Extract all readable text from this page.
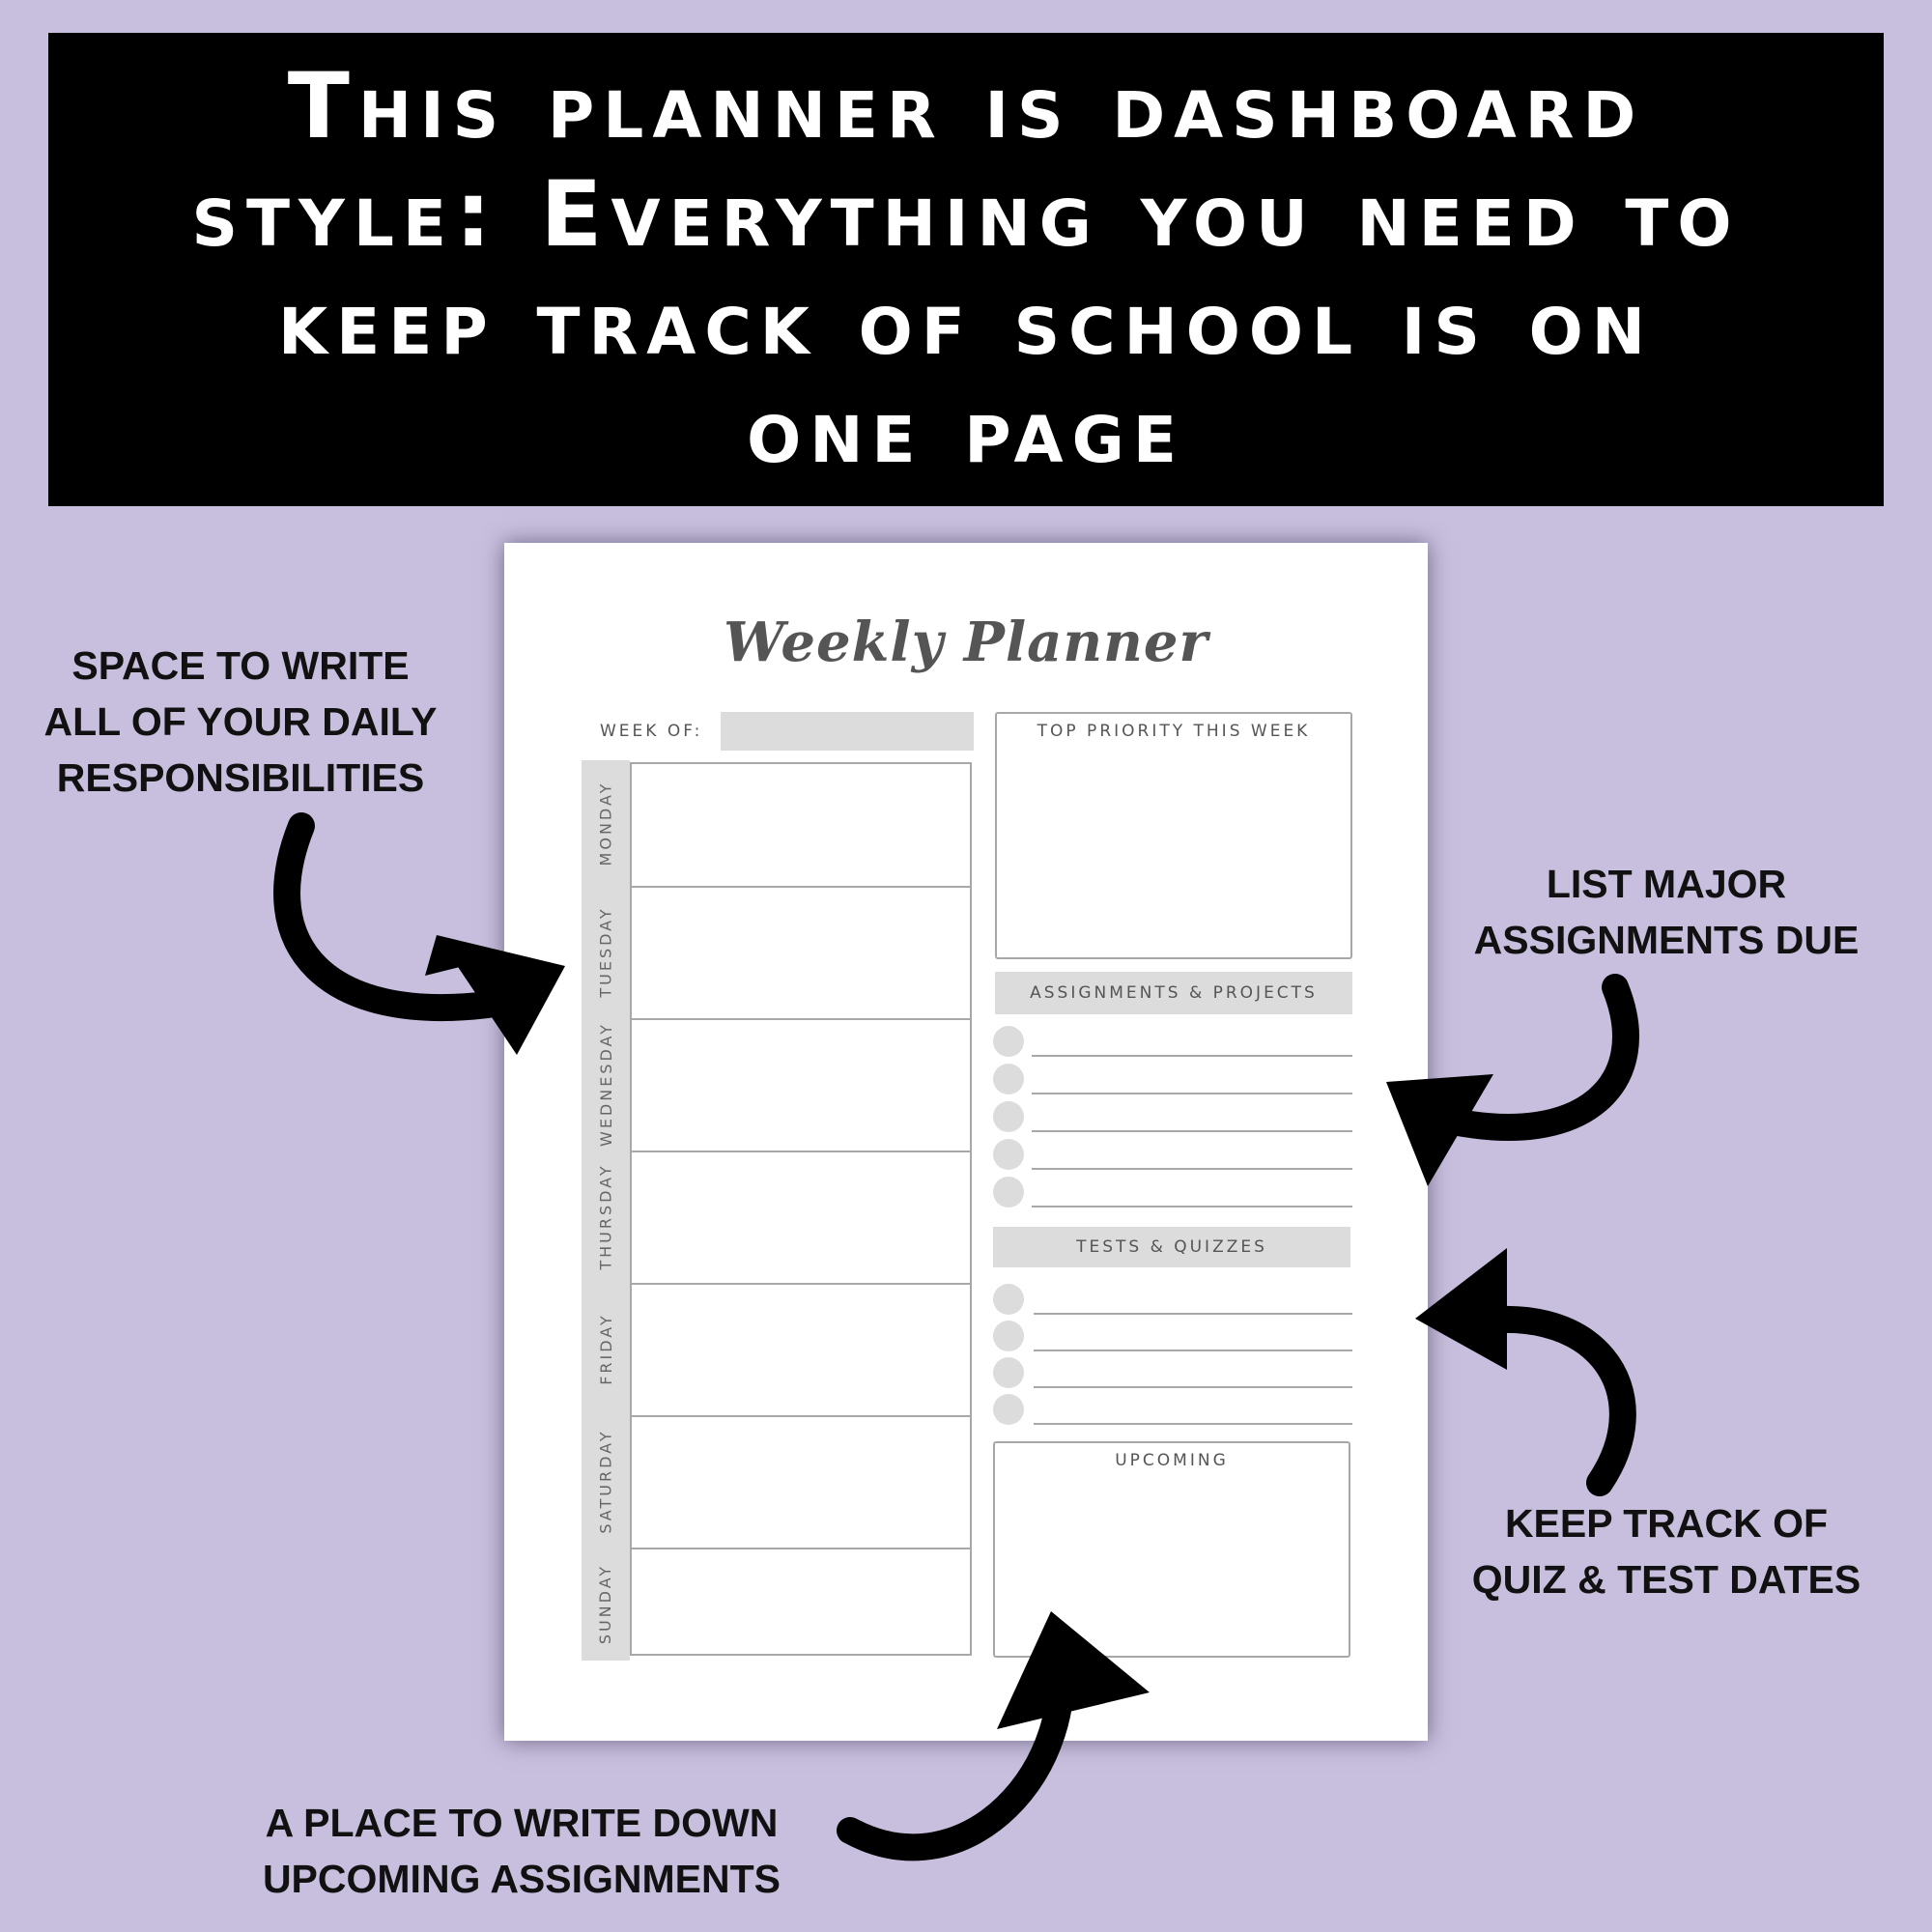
This planner is dashboard
style: Everything you need to
keep track of school is on
one page
SPACE TO WRITE
ALL OF YOUR DAILY
RESPONSIBILITIES
LIST MAJOR
ASSIGNMENTS DUE
KEEP TRACK OF
QUIZ & TEST DATES
A PLACE TO WRITE DOWN
UPCOMING ASSIGNMENTS
Weekly Planner
WEEK OF:
MONDAY
TUESDAY
WEDNESDAY
THURSDAY
FRIDAY
SATURDAY
SUNDAY
TOP PRIORITY THIS WEEK
ASSIGNMENTS & PROJECTS
TESTS & QUIZZES
UPCOMING
